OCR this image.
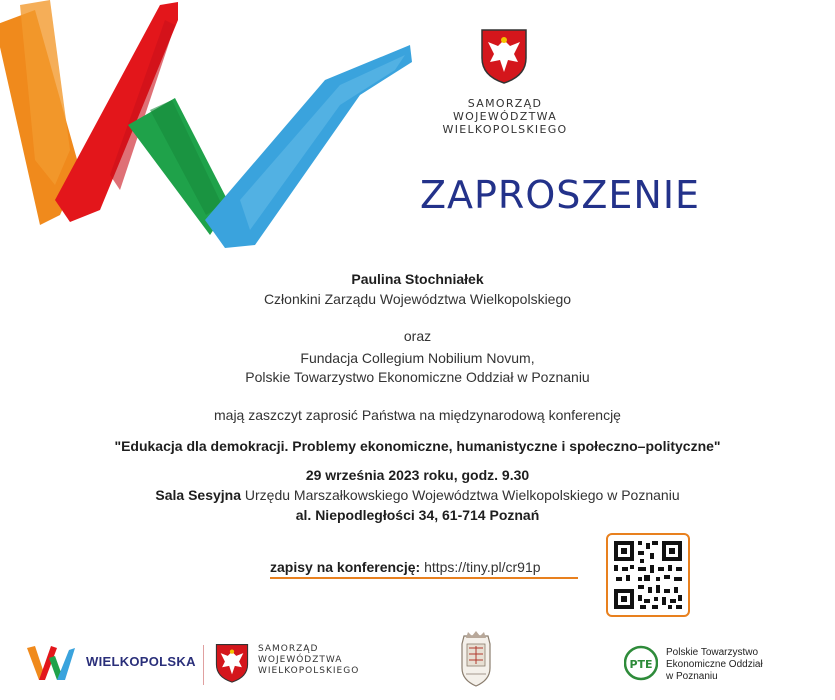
SAMORZĄD
WOJEWÓDZTWA
WIELKOPOLSKIEGO
ZAPROSZENIE
Paulina Stochniałek
Członkini Zarządu Województwa Wielkopolskiego
oraz
Fundacja Collegium Nobilium Novum,
Polskie Towarzystwo Ekonomiczne Oddział w Poznaniu
mają zaszczyt zaprosić Państwa na międzynarodową konferencję
"Edukacja dla demokracji. Problemy ekonomiczne, humanistyczne i społeczno–polityczne"
29 września 2023 roku, godz. 9.30
Sala Sesyjna Urzędu Marszałkowskiego Województwa Wielkopolskiego w Poznaniu
al. Niepodległości 34, 61-714 Poznań
zapisy na konferencję: https://tiny.pl/cr91p
WIELKOPOLSKA
SAMORZĄD
WOJEWÓDZTWA
WIELKOPOLSKIEGO	PTE
Polskie Towarzystwo
Ekonomiczne Oddział
w Poznaniu
